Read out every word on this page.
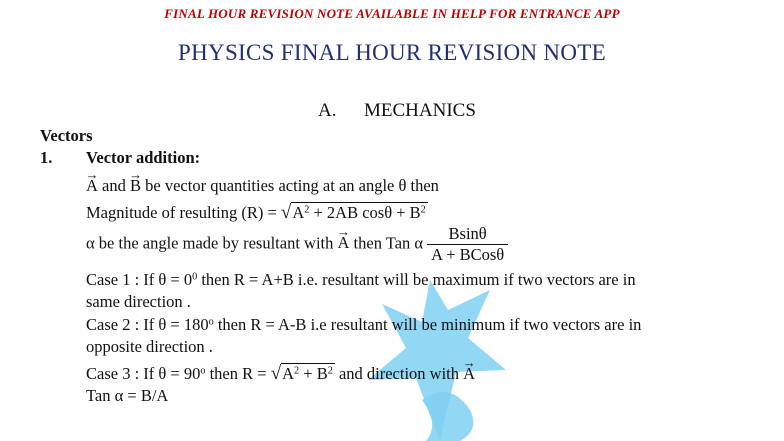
FINAL HOUR REVISION NOTE AVAILABLE IN HELP FOR ENTRANCE APP
PHYSICS FINAL HOUR REVISION NOTE
A. MECHANICS
Vectors
1. Vector addition:
→ A and → B be vector quantities acting at an angle θ then
Magnitude of resulting $(R) = √A^2 + 2AB$ $\cos\theta + B^2$
α be the angle made by resultant with → A then Tan α $\frac{Bsin\theta}{\text{A + BCosθ}}$
Case 1 : If $\theta = 0^0$ then R = A+B i.e. resultant will be maximum if two vectors are in
same direction .
Case 2 : If $\theta = 180^o$ then R = A-B i.e resultant will be minimum if two vectors are in
opposite direction .
Case 3 : If $\theta = 90^o$ then $R = √A^2 + B^2$ and direction with → A
Tan α = B/A
